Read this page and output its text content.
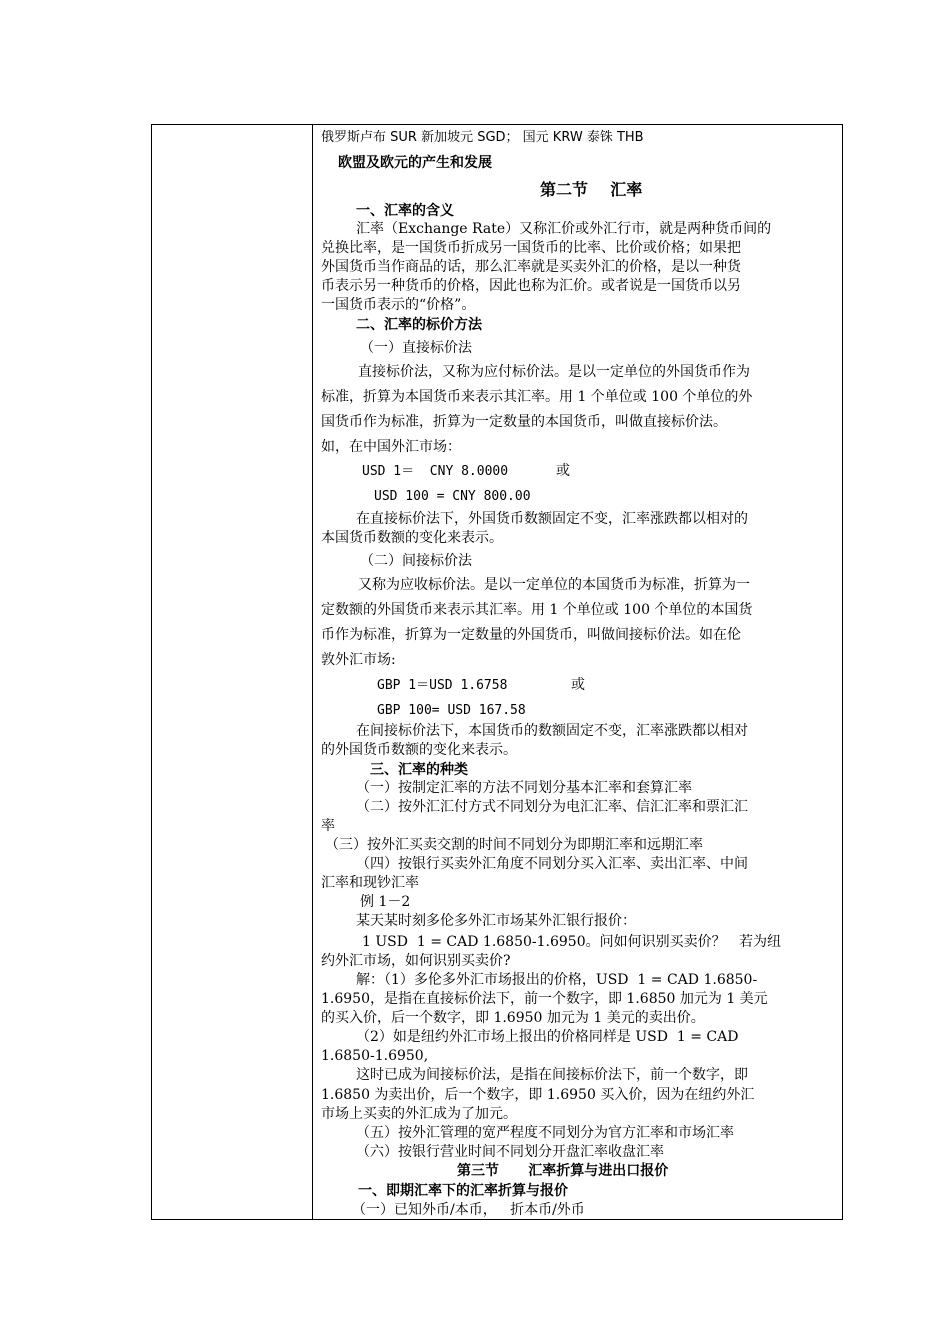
俄罗斯卢布 SUR 新加坡元 SGD； 国元 KRW 泰铢 THB
欧盟及欧元的产生和发展
第二节    汇率
一、汇率的含义
汇率（Exchange Rate）又称汇价或外汇行市，就是两种货币间的
兑换比率，是一国货币折成另一国货币的比率、比价或价格；如果把
外国货币当作商品的话，那么汇率就是买卖外汇的价格，是以一种货
币表示另一种货币的价格，因此也称为汇价。或者说是一国货币以另
一国货币表示的“价格”。
二、汇率的标价方法
（一）直接标价法
直接标价法，又称为应付标价法。是以一定单位的外国货币作为
标准，折算为本国货币来表示其汇率。用 1 个单位或 100 个单位的外
国货币作为标准，折算为一定数量的本国货币，叫做直接标价法。
如，在中国外汇市场：
USD 1＝  CNY 8.0000	或
USD 100 = CNY 800.00
在直接标价法下，外国货币数额固定不变，汇率涨跌都以相对的
本国货币数额的变化来表示。
（二）间接标价法
又称为应收标价法。是以一定单位的本国货币为标准，折算为一
定数额的外国货币来表示其汇率。用 1 个单位或 100 个单位的本国货
币作为标准，折算为一定数量的外国货币，叫做间接标价法。如在伦
敦外汇市场:
GBP 1＝USD 1.6758	或
GBP 100= USD 167.58
在间接标价法下，本国货币的数额固定不变，汇率涨跌都以相对
的外国货币数额的变化来表示。
三、汇率的种类
（一）按制定汇率的方法不同划分基本汇率和套算汇率
（二）按外汇汇付方式不同划分为电汇汇率、信汇汇率和票汇汇
率
（三）按外汇买卖交割的时间不同划分为即期汇率和远期汇率
（四）按银行买卖外汇角度不同划分买入汇率、卖出汇率、中间
汇率和现钞汇率
例 1－2
某天某时刻多伦多外汇市场某外汇银行报价：
1 USD  1 = CAD 1.6850-1.6950。问如何识别买卖价？   若为纽
约外汇市场，如何识别买卖价?
解：（1）多伦多外汇市场报出的价格，USD  1 = CAD 1.6850-
1.6950，是指在直接标价法下，前一个数字，即 1.6850 加元为 1 美元
的买入价，后一个数字，即 1.6950 加元为 1 美元的卖出价。
（2）如是纽约外汇市场上报出的价格同样是 USD  1 = CAD
1.6850-1.6950,
这时已成为间接标价法，是指在间接标价法下，前一个数字，即
1.6850 为卖出价，后一个数字，即 1.6950 买入价，因为在纽约外汇
市场上买卖的外汇成为了加元。
（五）按外汇管理的宽严程度不同划分为官方汇率和市场汇率
（六）按银行营业时间不同划分开盘汇率收盘汇率
第三节      汇率折算与进出口报价
一、即期汇率下的汇率折算与报价
（一）已知外币/本币，   折本币/外币
